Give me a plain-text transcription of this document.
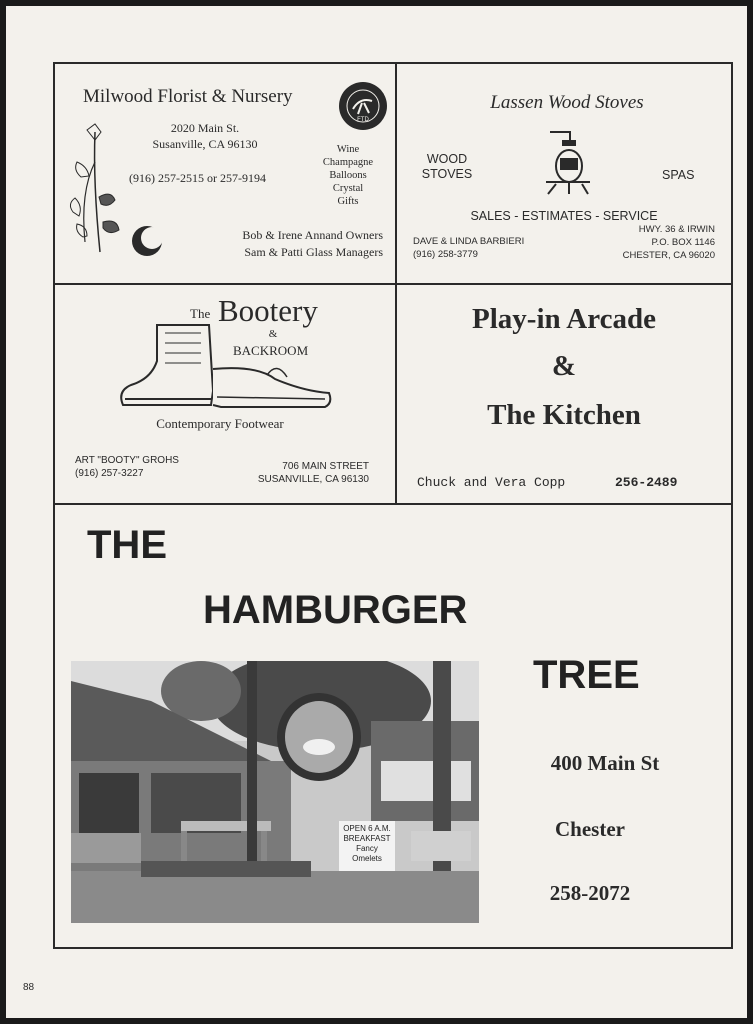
Milwood Florist & Nursery
FTD
2020 Main St.
Susanville, CA 96130
(916) 257-2515 or 257-9194
Wine
Champagne
Balloons
Crystal
Gifts
Bob & Irene Annand Owners
Sam & Patti Glass Managers
Lassen Wood Stoves
WOOD STOVES	SPAS
SALES - ESTIMATES - SERVICE
DAVE & LINDA BARBIERI
(916) 258-3779
HWY. 36 & IRWIN
P.O. BOX 1146
CHESTER, CA 96020
The Bootery
&
BACKROOM
Contemporary Footwear
ART "BOOTY" GROHS
(916) 257-3227
706 MAIN STREET
SUSANVILLE, CA 96130
Play-in Arcade
&
The Kitchen
Chuck and Vera Copp	256-2489
THE
HAMBURGER
TREE
OPEN 6 A.M. BREAKFAST Fancy Omelets
400 Main St
Chester
258-2072
88
